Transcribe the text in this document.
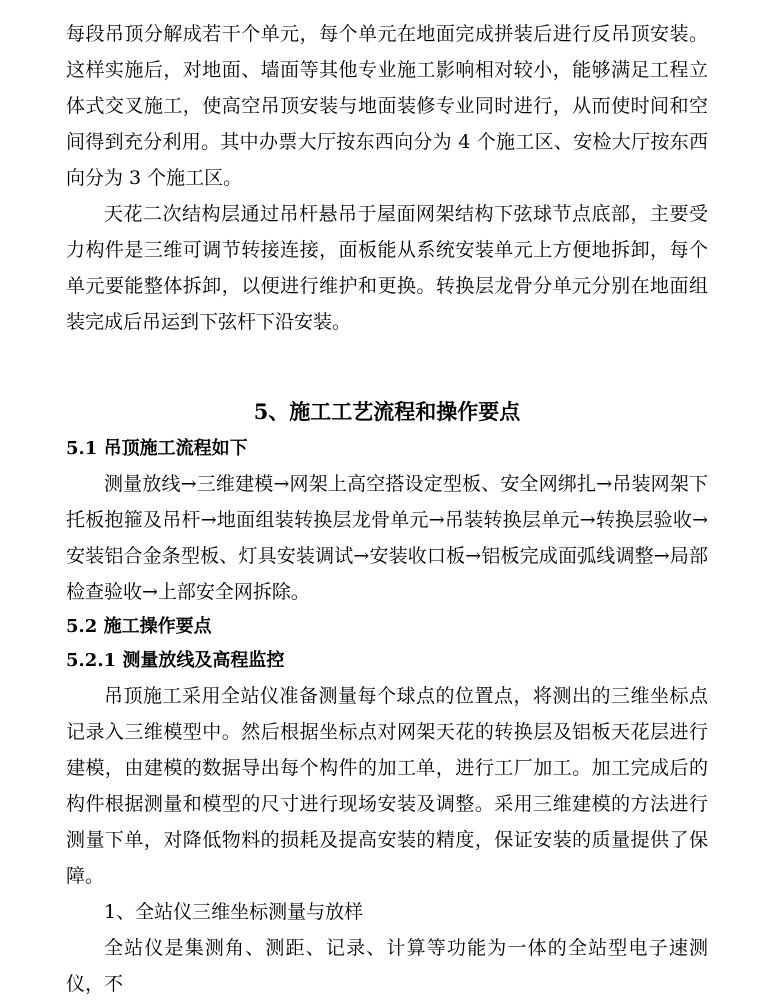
每段吊顶分解成若干个单元，每个单元在地面完成拼装后进行反吊顶安装。这样实施后，对地面、墙面等其他专业施工影响相对较小，能够满足工程立体式交叉施工，使高空吊顶安装与地面装修专业同时进行，从而使时间和空间得到充分利用。其中办票大厅按东西向分为 4 个施工区、安检大厅按东西向分为 3 个施工区。

天花二次结构层通过吊杆悬吊于屋面网架结构下弦球节点底部，主要受力构件是三维可调节转接连接，面板能从系统安装单元上方便地拆卸，每个单元要能整体拆卸，以便进行维护和更换。转换层龙骨分单元分别在地面组装完成后吊运到下弦杆下沿安装。

5、施工工艺流程和操作要点
5.1 吊顶施工流程如下

测量放线→三维建模→网架上高空搭设定型板、安全网绑扎→吊装网架下托板抱箍及吊杆→地面组装转换层龙骨单元→吊装转换层单元→转换层验收→安装铝合金条型板、灯具安装调试→安装收口板→铝板完成面弧线调整→局部检查验收→上部安全网拆除。

5.2 施工操作要点
5.2.1 测量放线及高程监控

吊顶施工采用全站仪准备测量每个球点的位置点，将测出的三维坐标点记录入三维模型中。然后根据坐标点对网架天花的转换层及铝板天花层进行建模，由建模的数据导出每个构件的加工单，进行工厂加工。加工完成后的构件根据测量和模型的尺寸进行现场安装及调整。采用三维建模的方法进行测量下单，对降低物料的损耗及提高安装的精度，保证安装的质量提供了保障。

1、全站仪三维坐标测量与放样

全站仪是集测角、测距、记录、计算等功能为一体的全站型电子速测仪，不
